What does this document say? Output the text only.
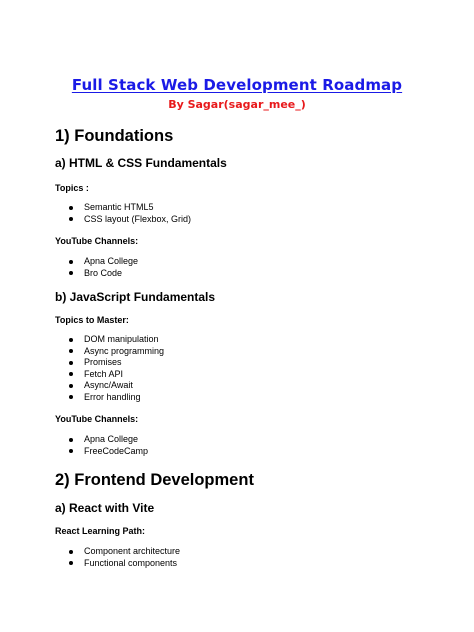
Full Stack Web Development Roadmap
By Sagar(sagar_mee_)
1) Foundations
a) HTML & CSS Fundamentals
Topics :
Semantic HTML5
CSS layout (Flexbox, Grid)
YouTube Channels:
Apna College
Bro Code
b) JavaScript Fundamentals
Topics to Master:
DOM manipulation
Async programming
Promises
Fetch API
Async/Await
Error handling
YouTube Channels:
Apna College
FreeCodeCamp
2) Frontend Development
a) React with Vite
React Learning Path:
Component architecture
Functional components
